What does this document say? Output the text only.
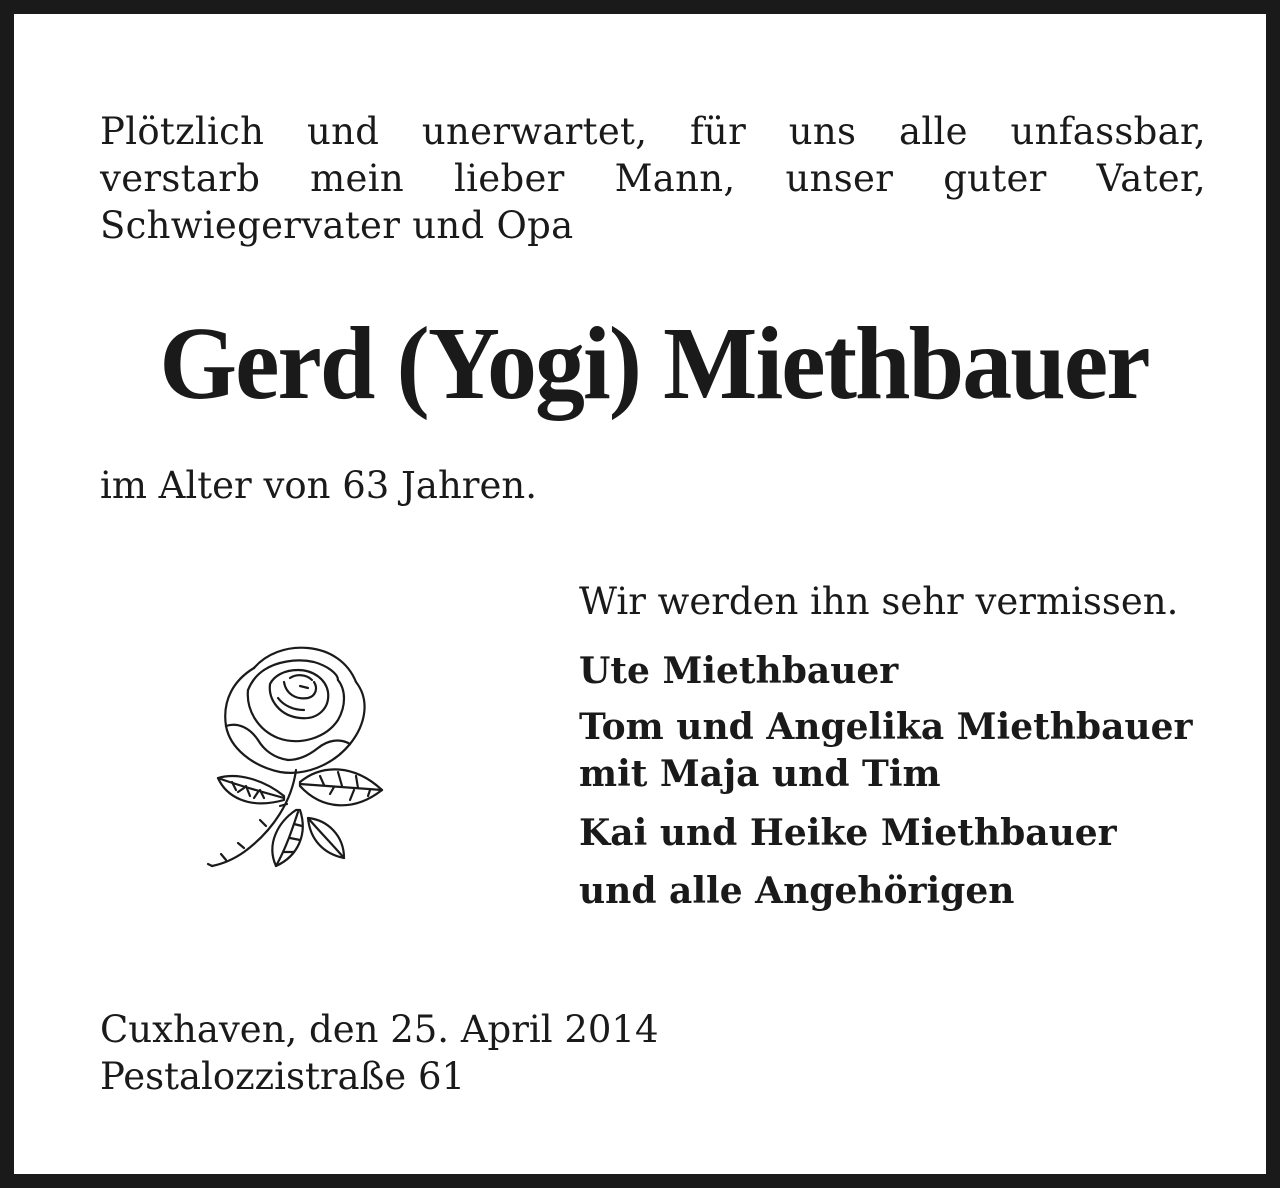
Plötzlich und unerwartet, für uns alle unfassbar,
verstarb mein lieber Mann, unser guter Vater,
Schwiegervater und Opa
Gerd (Yogi) Miethbauer
im Alter von 63 Jahren.
Wir werden ihn sehr vermissen.
Ute Miethbauer
Tom und Angelika Miethbauer
mit Maja und Tim
Kai und Heike Miethbauer
und alle Angehörigen
Cuxhaven, den 25. April 2014
Pestalozzistraße 61
